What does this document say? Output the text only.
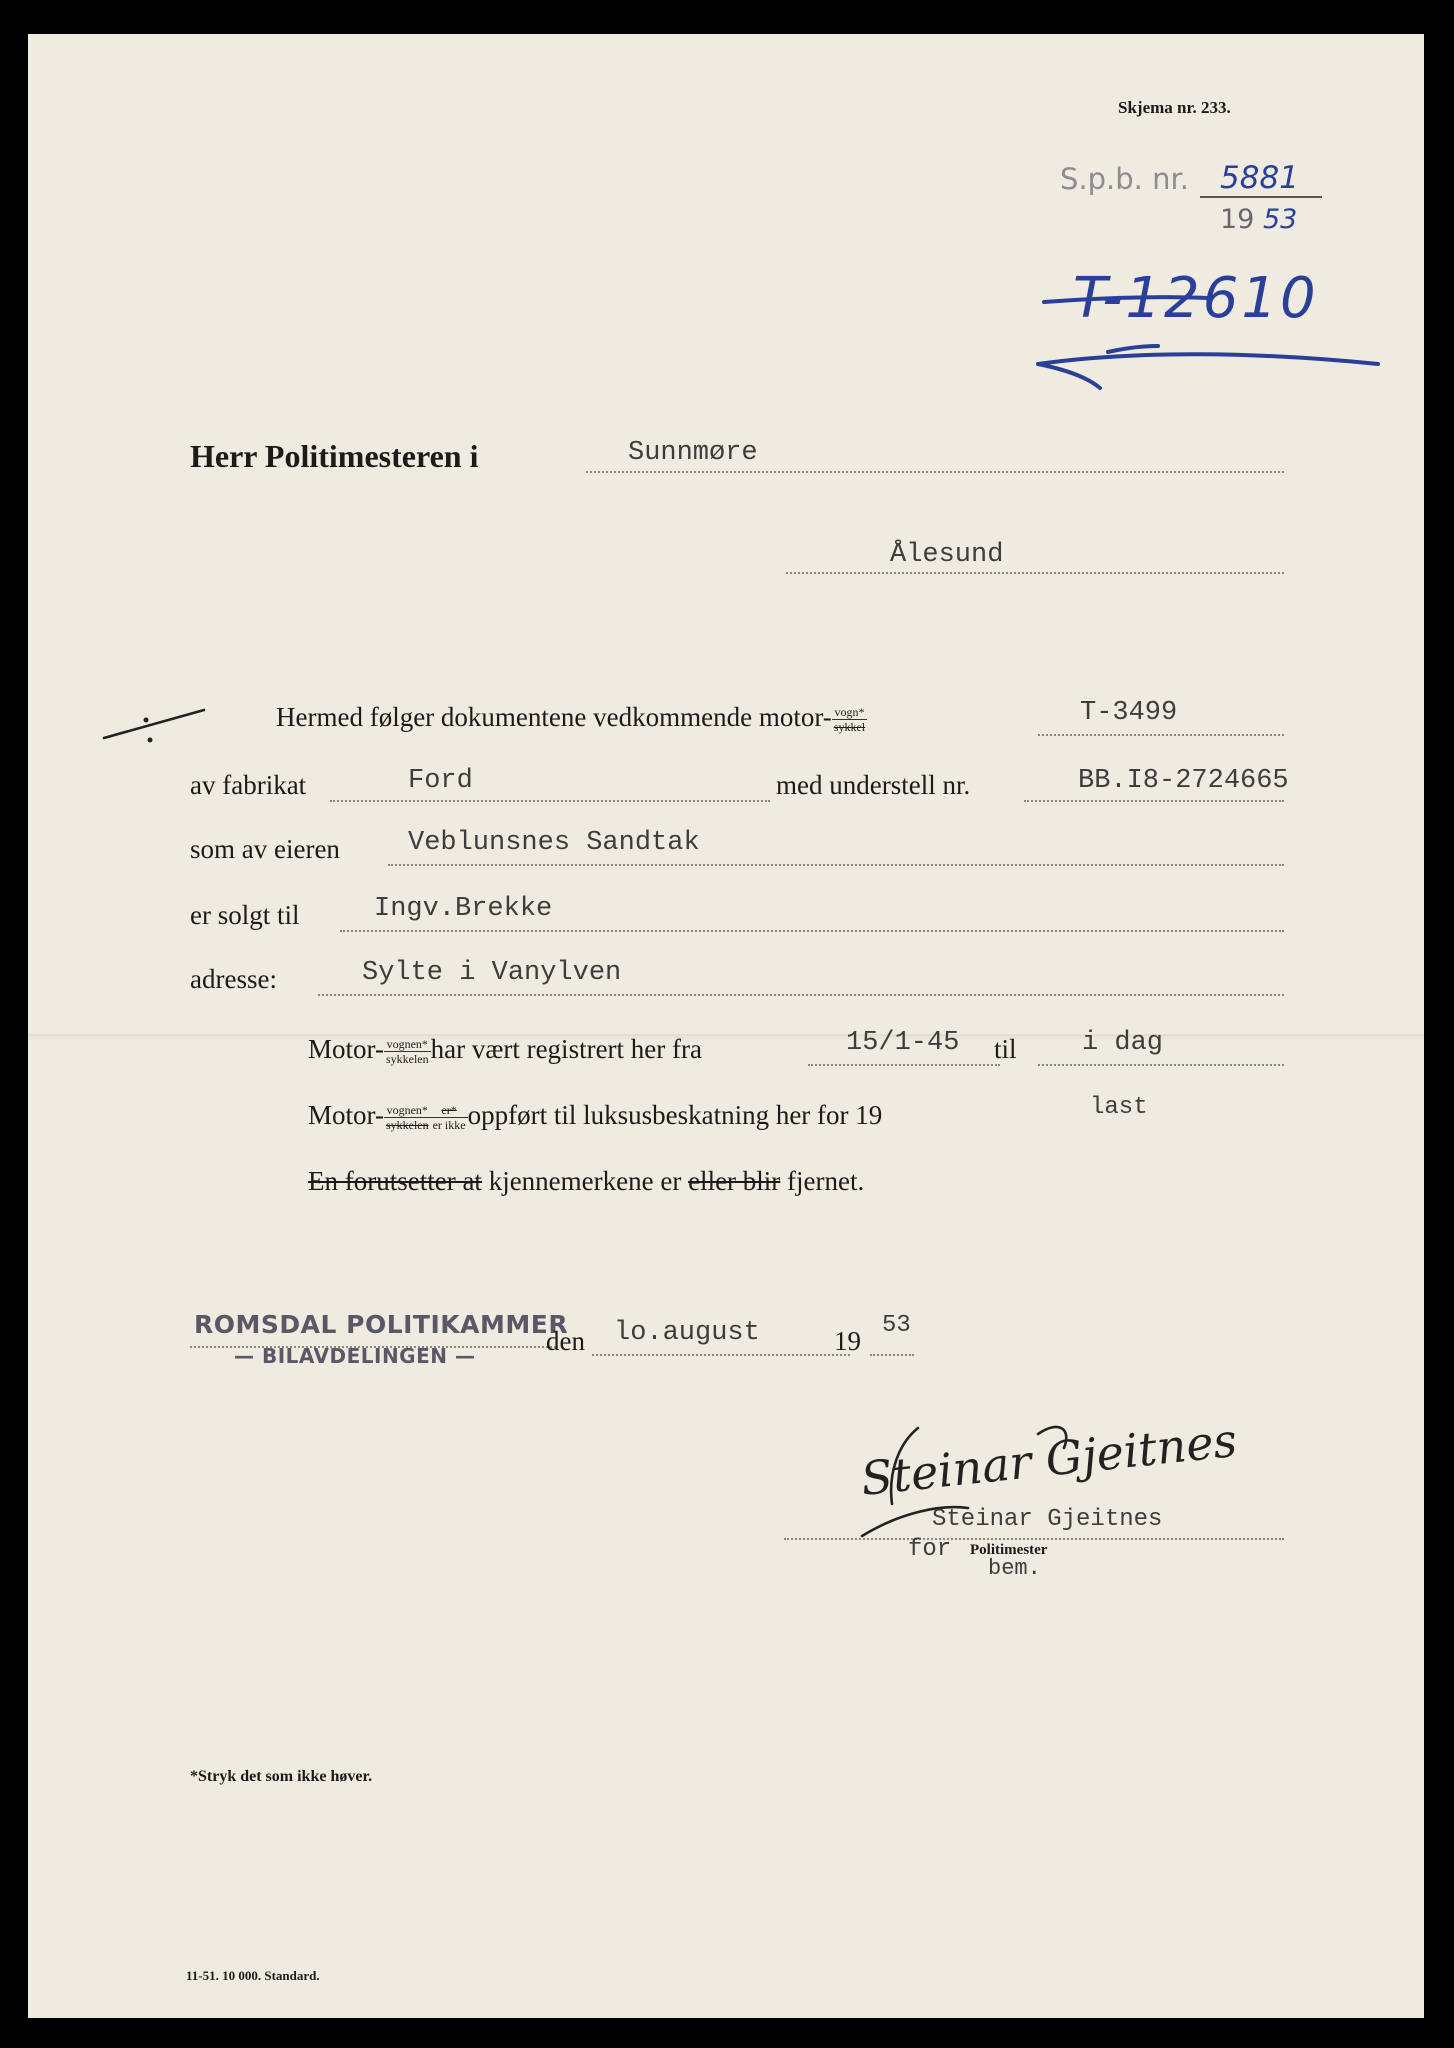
Skjema nr. 233.
S.p.b. nr. 5881
19 53
T-12610
Herr Politimesteren i	Sunnmøre
Ålesund
Hermed følger dokumentene vedkommende motor- $\frac{\text{vogn*}}{\text{sykkel}}$	T-3499
av fabrikat	Ford	med understell nr.	BB.I8-2724665
som av eieren	Veblunsnes Sandtak
er solgt til	Ingv.Brekke
adresse:	Sylte i Vanylven
Motor- $\frac{\text{vognen*}}{\text{sykkelen}}$ har vært registrert her fra	15/1-45 til i dag
Motor- $\frac{\text{vognen*}}{\text{sykkelen}} \frac{er*}{\text{er ikke}}$ oppført til luksusbeskatning her for 19	last
En forutsetter at kjennemerkene er eller blir fjernet.
ROMSDAL POLITIKAMMER
— BILAVDELINGEN —	den lo.august	19
53
Steinar Gjeitnes
Steinar Gjeitnes
for Politimester
bem.
*Stryk det som ikke høver.
11-51. 10 000. Standard.
